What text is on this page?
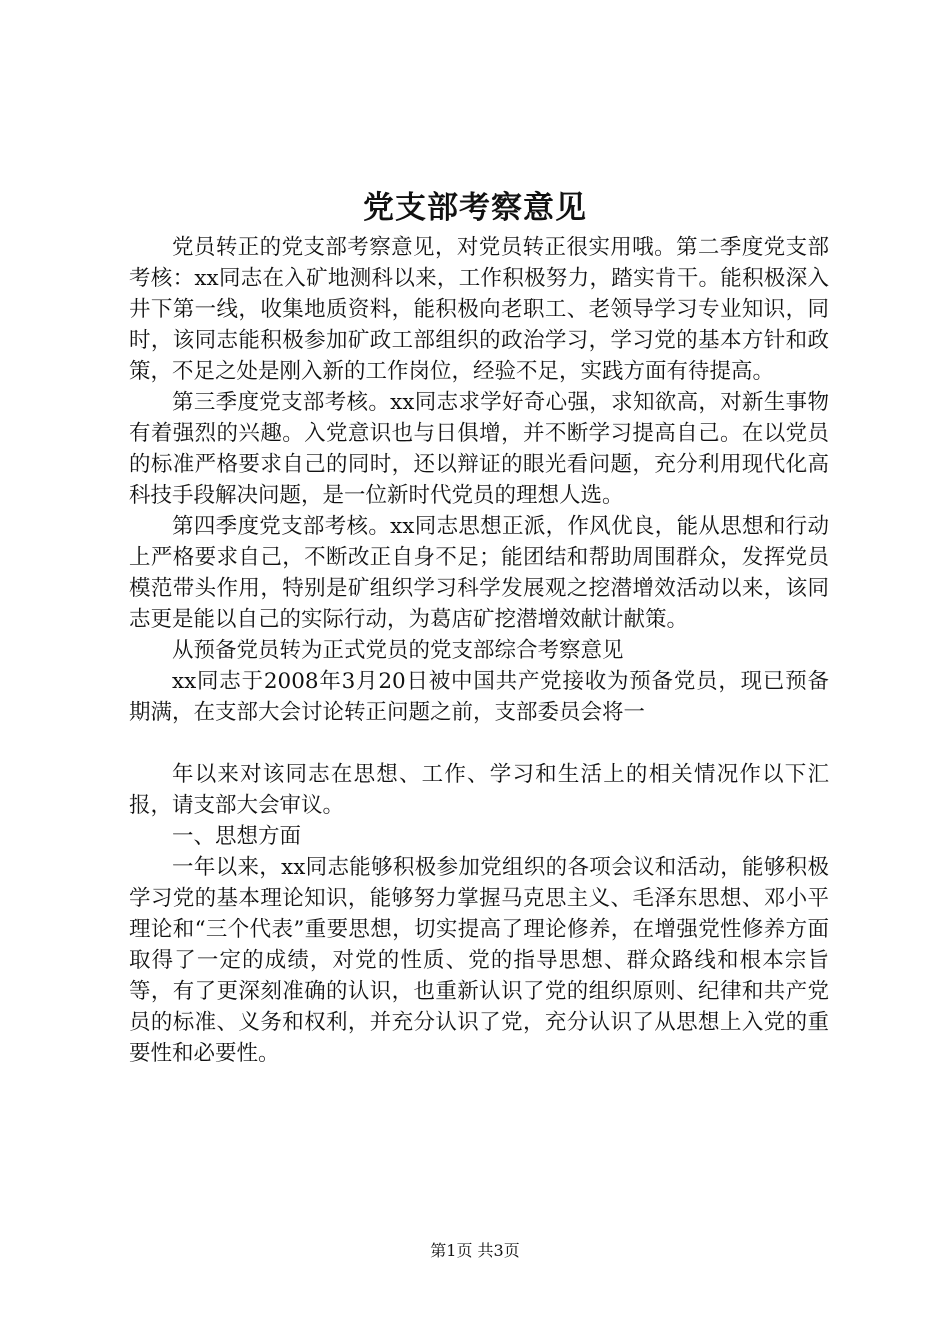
党支部考察意见

党员转正的党支部考察意见，对党员转正很实用哦。第二季度党支部考核：xx同志在入矿地测科以来，工作积极努力，踏实肯干。能积极深入井下第一线，收集地质资料，能积极向老职工、老领导学习专业知识，同时，该同志能积极参加矿政工部组织的政治学习，学习党的基本方针和政策，不足之处是刚入新的工作岗位，经验不足，实践方面有待提高。

第三季度党支部考核。xx同志求学好奇心强，求知欲高，对新生事物有着强烈的兴趣。入党意识也与日俱增，并不断学习提高自己。在以党员的标准严格要求自己的同时，还以辩证的眼光看问题，充分利用现代化高科技手段解决问题，是一位新时代党员的理想人选。

第四季度党支部考核。xx同志思想正派，作风优良，能从思想和行动上严格要求自己，不断改正自身不足；能团结和帮助周围群众，发挥党员模范带头作用，特别是矿组织学习科学发展观之挖潜增效活动以来，该同志更是能以自己的实际行动，为葛店矿挖潜增效献计献策。

从预备党员转为正式党员的党支部综合考察意见

xx同志于2008年3月20日被中国共产党接收为预备党员，现已预备期满，在支部大会讨论转正问题之前，支部委员会将一

年以来对该同志在思想、工作、学习和生活上的相关情况作以下汇报，请支部大会审议。

一、思想方面

一年以来，xx同志能够积极参加党组织的各项会议和活动，能够积极学习党的基本理论知识，能够努力掌握马克思主义、毛泽东思想、邓小平理论和“三个代表”重要思想，切实提高了理论修养，在增强党性修养方面取得了一定的成绩，对党的性质、党的指导思想、群众路线和根本宗旨等，有了更深刻准确的认识，也重新认识了党的组织原则、纪律和共产党员的标准、义务和权利，并充分认识了党，充分认识了从思想上入党的重要性和必要性。

第1页 共3页
